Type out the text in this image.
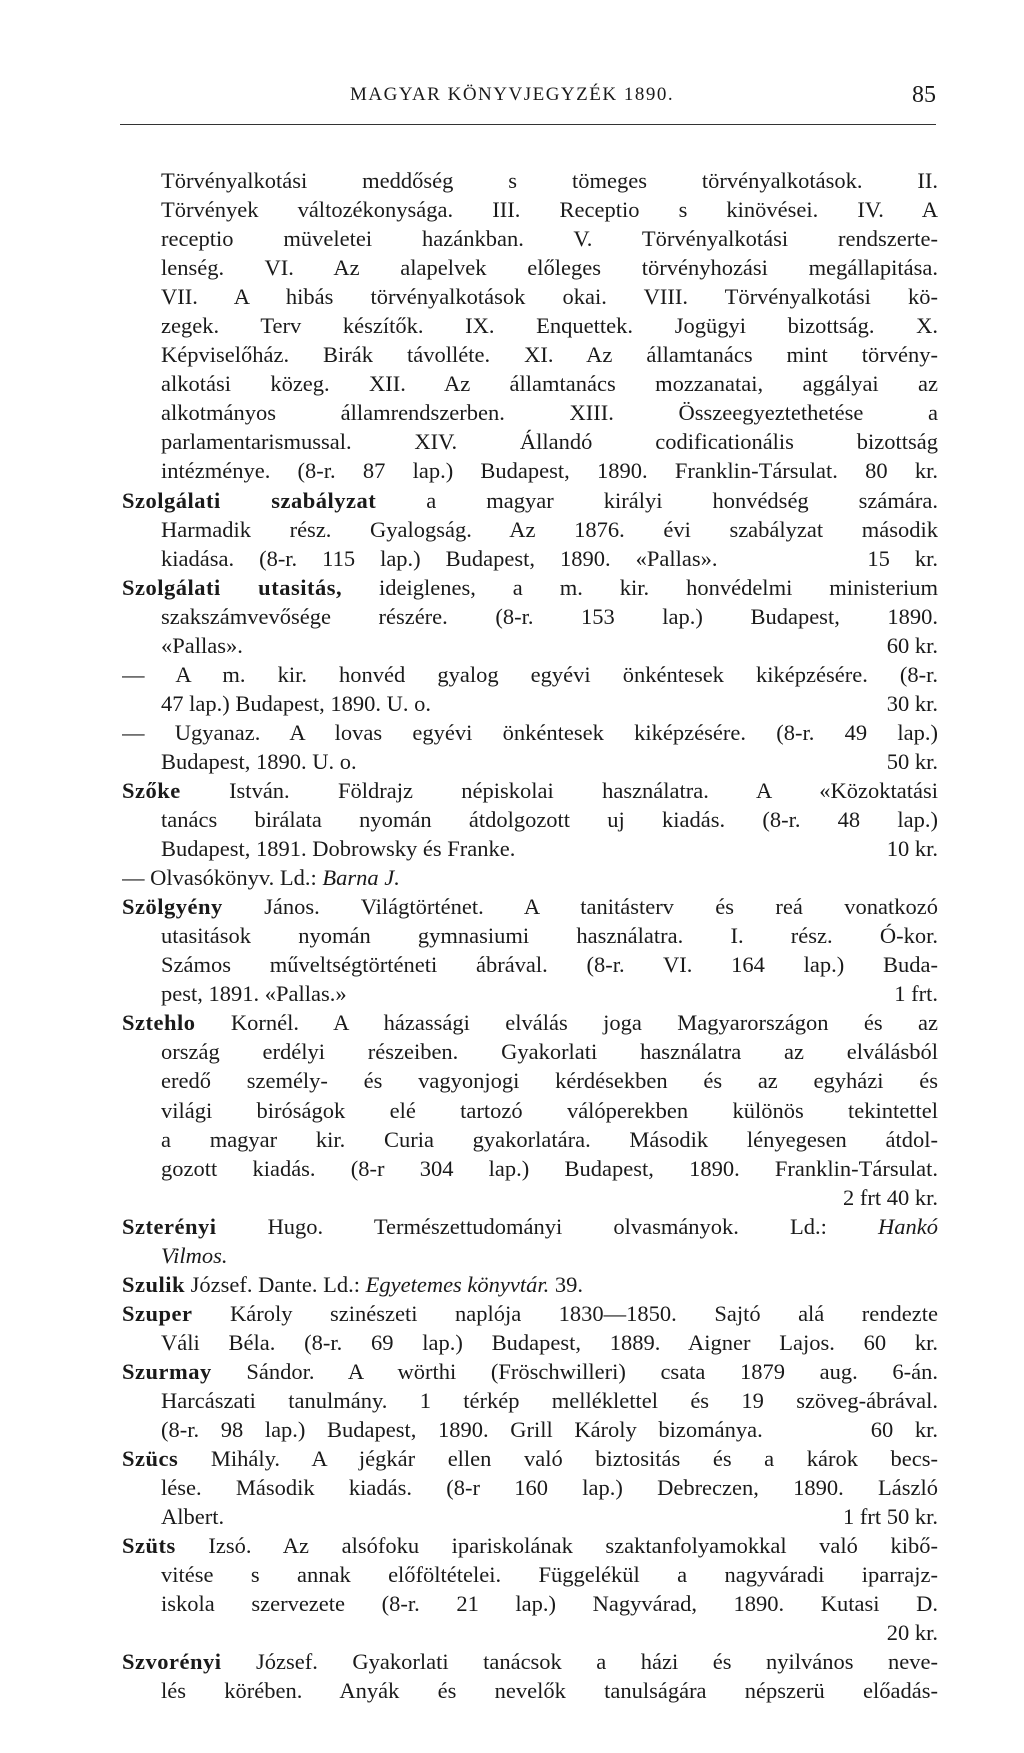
MAGYAR KÖNYVJEGYZÉK 1890.	85
Törvényalkotási meddőség s tömeges törvényalkotások. II.
Törvények változékonysága. III. Receptio s kinövései. IV. A
receptio müveletei hazánkban. V. Törvényalkotási rendszerte-
lenség. VI. Az alapelvek előleges törvényhozási megállapitása.
VII. A hibás törvényalkotások okai. VIII. Törvényalkotási kö-
zegek. Terv készítők. IX. Enquettek. Jogügyi bizottság. X.
Képviselőház. Birák távolléte. XI. Az államtanács mint törvény-
alkotási közeg. XII. Az államtanács mozzanatai, aggályai az
alkotmányos államrendszerben. XIII. Összeegyeztethetése a
parlamentarismussal. XIV. Állandó codificationális bizottság
intézménye. (8-r. 87 lap.) Budapest, 1890. Franklin-Társulat. 80 kr.
Szolgálati szabályzat a magyar királyi honvédség számára.
Harmadik rész. Gyalogság. Az 1876. évi szabályzat második
kiadása. (8-r. 115 lap.) Budapest, 1890. «Pallas».      15 kr.
Szolgálati utasitás, ideiglenes, a m. kir. honvédelmi ministerium
szakszámvevősége részére. (8-r. 153 lap.) Budapest, 1890.
«Pallas».	60 kr.
— A m. kir. honvéd gyalog egyévi önkéntesek kiképzésére. (8-r.
47 lap.) Budapest, 1890. U. o.	30 kr.
— Ugyanaz. A lovas egyévi önkéntesek kiképzésére. (8-r. 49 lap.)
Budapest, 1890. U. o.	50 kr.
Szőke István. Földrajz népiskolai használatra. A «Közoktatási
tanács birálata nyomán átdolgozott uj kiadás. (8-r. 48 lap.)
Budapest, 1891. Dobrowsky és Franke.	10 kr.
— Olvasókönyv. Ld.: Barna J.
Szölgyény János. Világtörténet. A tanitásterv és reá vonatkozó
utasitások nyomán gymnasiumi használatra. I. rész. Ó-kor.
Számos műveltségtörténeti ábrával. (8-r. VI. 164 lap.) Buda-
pest, 1891. «Pallas.»	1 frt.
Sztehlo Kornél. A házassági elválás joga Magyarországon és az
ország erdélyi részeiben. Gyakorlati használatra az elválásból
eredő személy- és vagyonjogi kérdésekben és az egyházi és
világi biróságok elé tartozó válóperekben különös tekintettel
a magyar kir. Curia gyakorlatára. Második lényegesen átdol-
gozott kiadás. (8-r 304 lap.) Budapest, 1890. Franklin-Társulat.
2 frt 40 kr.
Szterényi Hugo. Természettudományi olvasmányok. Ld.: Hankó
Vilmos.
Szulik József. Dante. Ld.: Egyetemes könyvtár. 39.
Szuper Károly szinészeti naplója 1830—1850. Sajtó alá rendezte
Váli Béla. (8-r. 69 lap.) Budapest, 1889. Aigner Lajos. 60 kr.
Szurmay Sándor. A wörthi (Fröschwilleri) csata 1879 aug. 6-án.
Harcászati tanulmány. 1 térkép melléklettel és 19 szöveg-ábrával.
(8-r. 98 lap.) Budapest, 1890. Grill Károly bizománya.     60 kr.
Szücs Mihály. A jégkár ellen való biztositás és a károk becs-
lése. Második kiadás. (8-r 160 lap.) Debreczen, 1890. László
Albert.	1 frt 50 kr.
Szüts Izsó. Az alsófoku ipariskolának szaktanfolyamokkal való kibő-
vitése s annak előföltételei. Függelékül a nagyváradi iparrajz-
iskola szervezete (8-r. 21 lap.) Nagyvárad, 1890. Kutasi D.
20 kr.
Szvorényi József. Gyakorlati tanácsok a házi és nyilvános neve-
lés körében. Anyák és nevelők tanulságára népszerü előadás-
